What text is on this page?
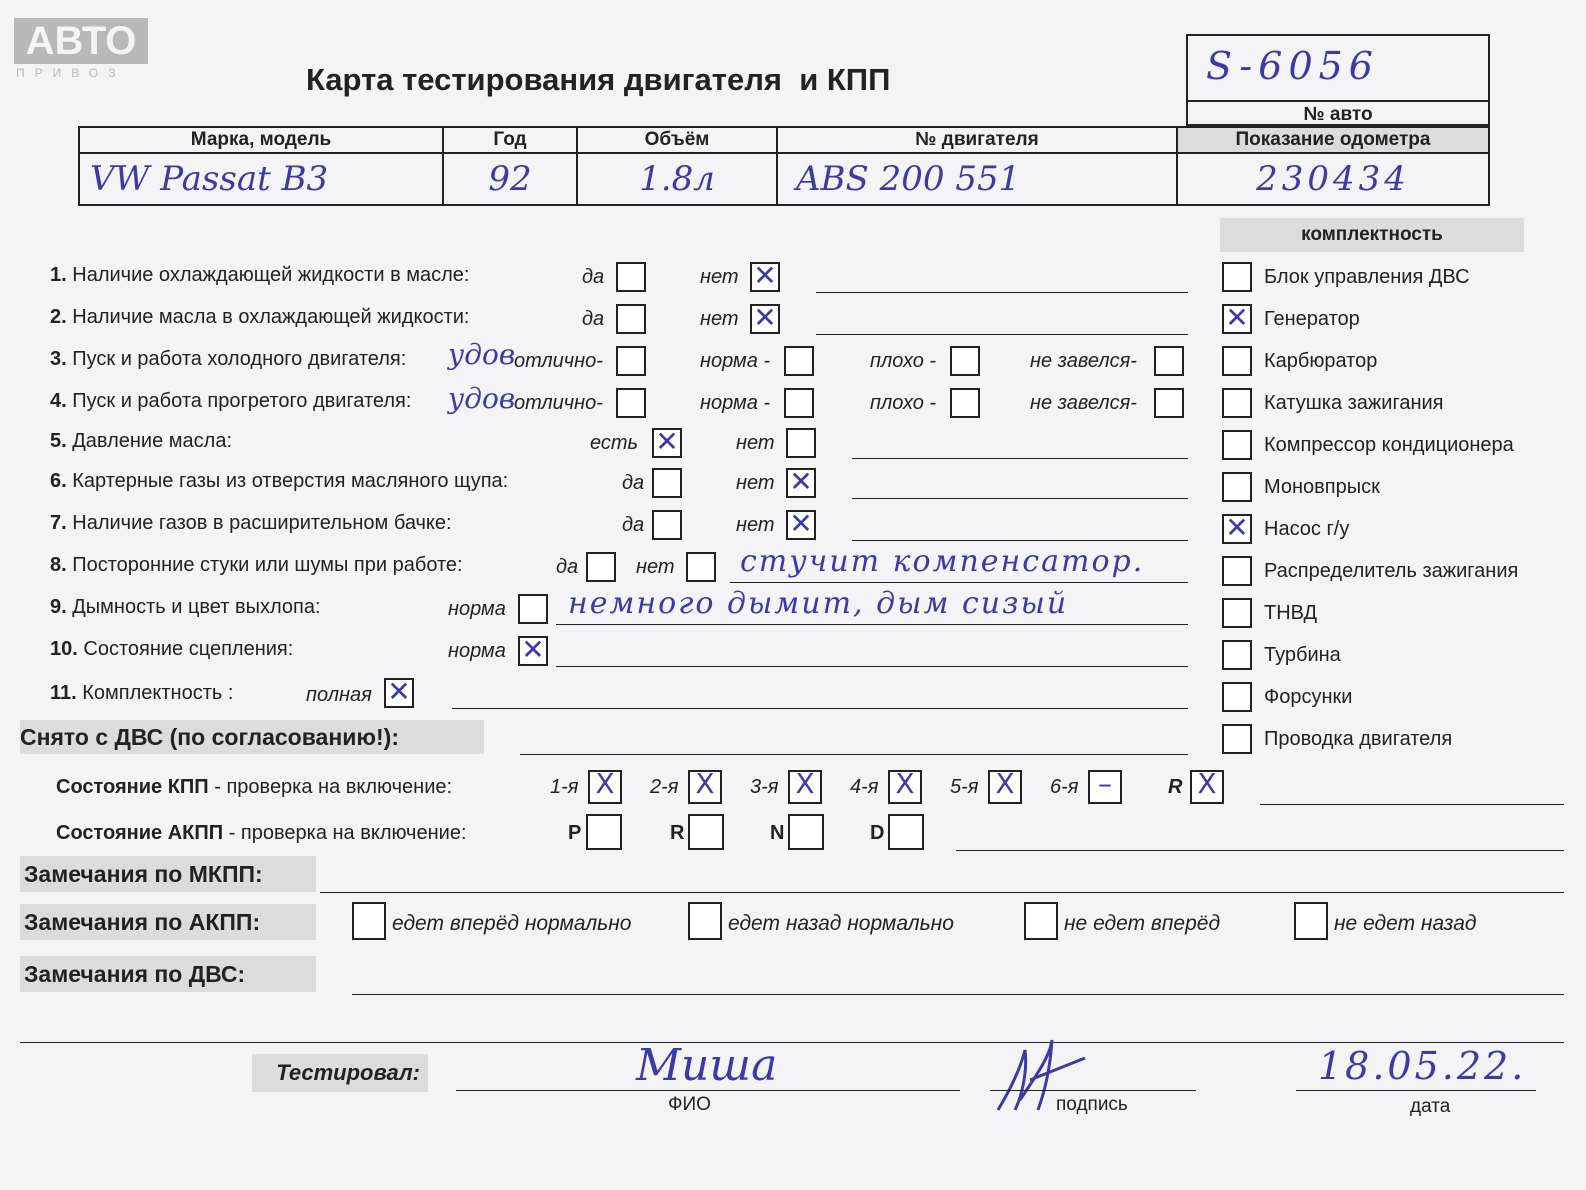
АВТО
ПРИВОЗ	Карта тестирования двигателя  и КПП	S-6056
№ авто
Марка, модель	Год	Объём	№ двигателя	Показание одометра
VW Passat B3	92	1.8л	ABS 200 551	230434
комплектность
Блок управления ДВС
✕ Генератор
Карбюратор
Катушка зажигания
Компрессор кондиционера
Моновпрыск
✕ Насос г/у
Распределитель зажигания
ТНВД
Турбина
Форсунки
Проводка двигателя
1. Наличие охлаждающей жидкости в масле:	да	нет ✕
2. Наличие масла в охлаждающей жидкости:	да	нет ✕
3. Пуск и работа холодного двигателя: удов
отлично-	норма -	плохо -	не завелся-
4. Пуск и работа прогретого двигателя: удов
отлично-	норма -	плохо -	не завелся-
5. Давление масла:	есть ✕	нет
6. Картерные газы из отверстия масляного щупа:	да	нет ✕
7. Наличие газов в расширительном бачке:	да	нет ✕
8. Посторонние стуки или шумы при работе:	да	нет стучит компенсатор.
9. Дымность и цвет выхлопа:	норма немного дымит, дым сизый
10. Состояние сцепления:	норма ✕
11. Комплектность :	полная ✕
Снято с ДВС (по согласованию!):
Состояние КПП - проверка на включение:	1-я X 2-я X 3-я X 4-я X 5-я X 6-я –	R X
Состояние АКПП - проверка на включение:	P	R	N	D
Замечания по МКПП:
Замечания по АКПП:	едет вперёд нормально	едет назад нормально	не едет вперёд	не едет назад
Замечания по ДВС:
Тестировал:	Миша
ФИО	подпись
18.05.22.
дата
